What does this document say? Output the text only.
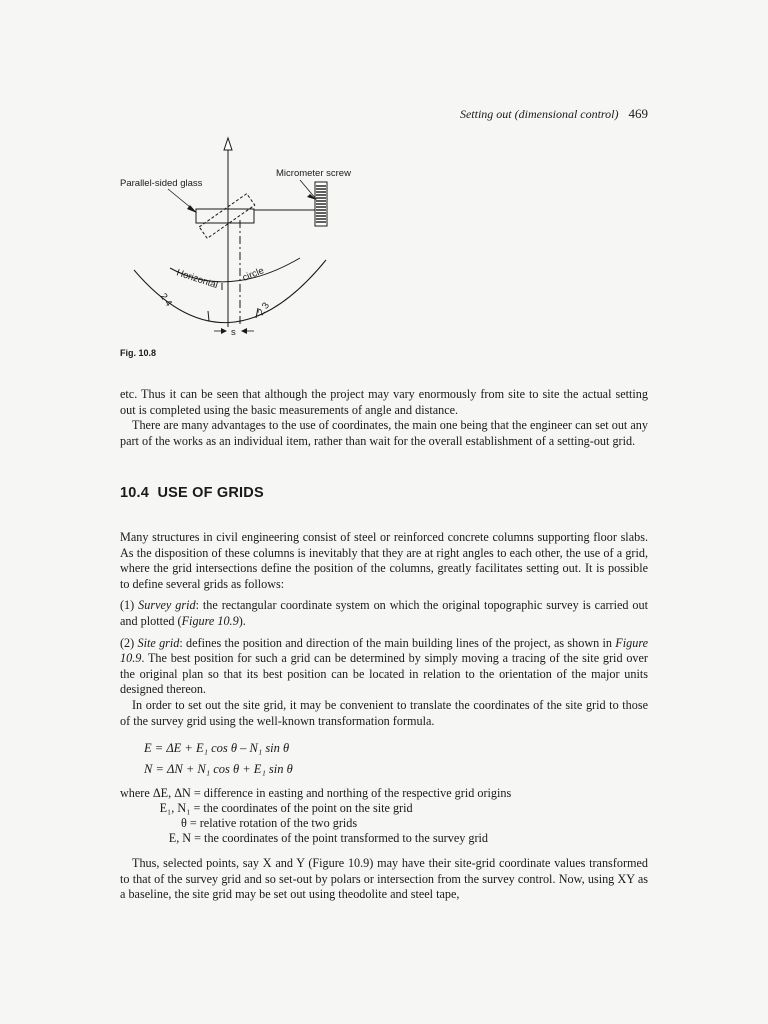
Setting out (dimensional control) 469
Parallel-sided glass
Micrometer screw
Horizontal circle
2 4
2 3
s
Fig. 10.8

etc. Thus it can be seen that although the project may vary enormously from site to site the actual setting out is completed using the basic measurements of angle and distance.

There are many advantages to the use of coordinates, the main one being that the engineer can set out any part of the works as an individual item, rather than wait for the overall establishment of a setting-out grid.

10.4 USE OF GRIDS

Many structures in civil engineering consist of steel or reinforced concrete columns supporting floor slabs. As the disposition of these columns is inevitably that they are at right angles to each other, the use of a grid, where the grid intersections define the position of the columns, greatly facilitates setting out. It is possible to define several grids as follows:

(1) Survey grid: the rectangular coordinate system on which the original topographic survey is carried out and plotted (Figure 10.9).

(2) Site grid: defines the position and direction of the main building lines of the project, as shown in Figure 10.9. The best position for such a grid can be determined by simply moving a tracing of the site grid over the original plan so that its best position can be located in relation to the orientation of the major units designed thereon.

In order to set out the site grid, it may be convenient to translate the coordinates of the site grid to those of the survey grid using the well-known transformation formula.

E = ΔE + E₁ cos θ – N₁ sin θ
N = ΔN + N₁ cos θ + E₁ sin θ
where ΔE, ΔN = difference in easting and northing of the respective grid origins
E₁, N₁ = the coordinates of the point on the site grid
θ = relative rotation of the two grids
E, N = the coordinates of the point transformed to the survey grid
Thus, selected points, say X and Y (Figure 10.9) may have their site-grid coordinate values transformed to that of the survey grid and so set-out by polars or intersection from the survey control. Now, using XY as a baseline, the site grid may be set out using theodolite and steel tape,
